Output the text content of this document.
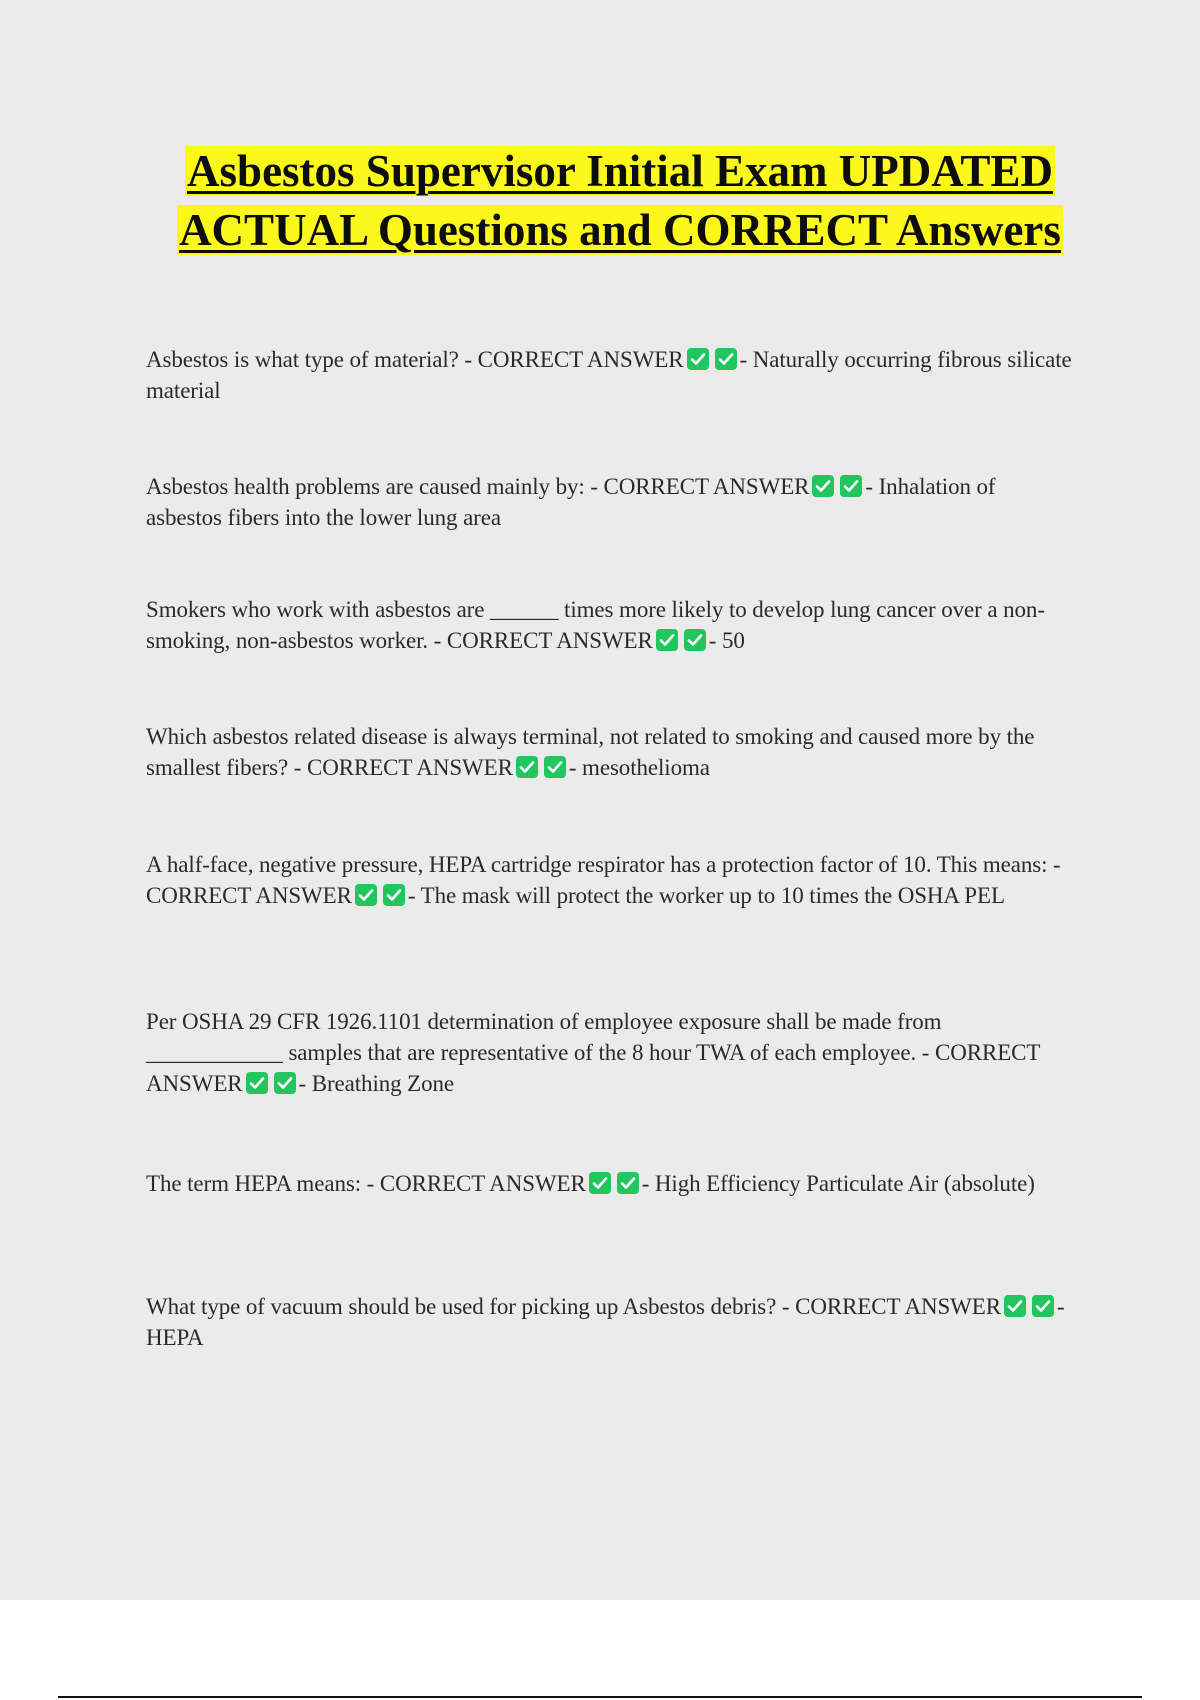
Asbestos Supervisor Initial Exam UPDATED ACTUAL Questions and CORRECT Answers

Asbestos is what type of material? - CORRECT ANSWER - Naturally occurring fibrous silicate material

Asbestos health problems are caused mainly by: - CORRECT ANSWER - Inhalation of asbestos fibers into the lower lung area

Smokers who work with asbestos are ______ times more likely to develop lung cancer over a non-smoking, non-asbestos worker. - CORRECT ANSWER - 50

Which asbestos related disease is always terminal, not related to smoking and caused more by the smallest fibers? - CORRECT ANSWER - mesothelioma

A half-face, negative pressure, HEPA cartridge respirator has a protection factor of 10. This means: - CORRECT ANSWER - The mask will protect the worker up to 10 times the OSHA PEL

Per OSHA 29 CFR 1926.1101 determination of employee exposure shall be made from ____________ samples that are representative of the 8 hour TWA of each employee. - CORRECT ANSWER - Breathing Zone

The term HEPA means: - CORRECT ANSWER - High Efficiency Particulate Air (absolute)

What type of vacuum should be used for picking up Asbestos debris? - CORRECT ANSWER - HEPA
